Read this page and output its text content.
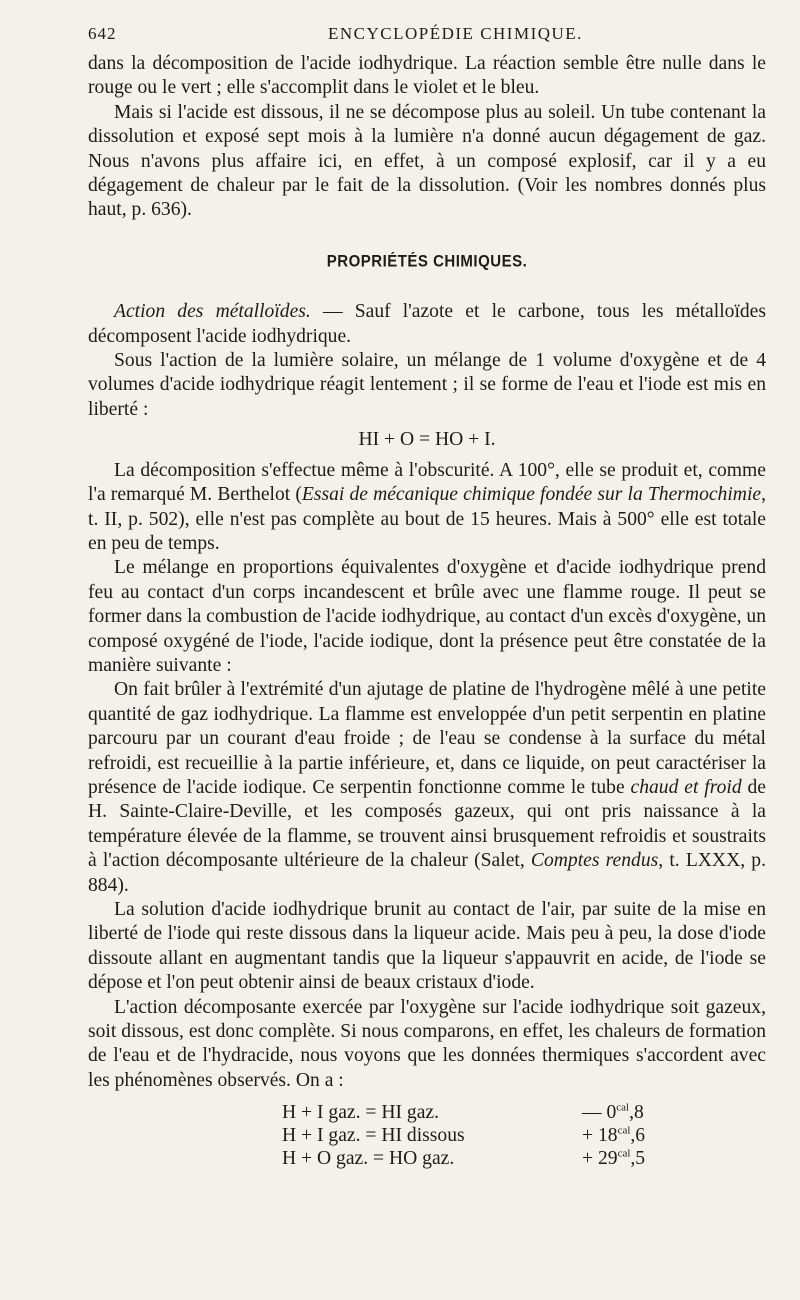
642	ENCYCLOPÉDIE CHIMIQUE.

dans la décomposition de l'acide iodhydrique. La réaction semble être nulle dans le rouge ou le vert ; elle s'accomplit dans le violet et le bleu.

Mais si l'acide est dissous, il ne se décompose plus au soleil. Un tube contenant la dissolution et exposé sept mois à la lumière n'a donné aucun dégagement de gaz. Nous n'avons plus affaire ici, en effet, à un composé explosif, car il y a eu dégagement de chaleur par le fait de la dissolution. (Voir les nombres donnés plus haut, p. 636).

PROPRIÉTÉS CHIMIQUES.

Action des métalloïdes. — Sauf l'azote et le carbone, tous les métalloïdes décomposent l'acide iodhydrique.

Sous l'action de la lumière solaire, un mélange de 1 volume d'oxygène et de 4 volumes d'acide iodhydrique réagit lentement ; il se forme de l'eau et l'iode est mis en liberté :

HI + O = HO + I.

La décomposition s'effectue même à l'obscurité. A 100°, elle se produit et, comme l'a remarqué M. Berthelot (Essai de mécanique chimique fondée sur la Thermochimie, t. II, p. 502), elle n'est pas complète au bout de 15 heures. Mais à 500° elle est totale en peu de temps.

Le mélange en proportions équivalentes d'oxygène et d'acide iodhydrique prend feu au contact d'un corps incandescent et brûle avec une flamme rouge. Il peut se former dans la combustion de l'acide iodhydrique, au contact d'un excès d'oxygène, un composé oxygéné de l'iode, l'acide iodique, dont la présence peut être constatée de la manière suivante :

On fait brûler à l'extrémité d'un ajutage de platine de l'hydrogène mêlé à une petite quantité de gaz iodhydrique. La flamme est enveloppée d'un petit serpentin en platine parcouru par un courant d'eau froide ; de l'eau se condense à la surface du métal refroidi, est recueillie à la partie inférieure, et, dans ce liquide, on peut caractériser la présence de l'acide iodique. Ce serpentin fonctionne comme le tube chaud et froid de H. Sainte-Claire-Deville, et les composés gazeux, qui ont pris naissance à la température élevée de la flamme, se trouvent ainsi brusquement refroidis et soustraits à l'action décomposante ultérieure de la chaleur (Salet, Comptes rendus, t. LXXX, p. 884).

La solution d'acide iodhydrique brunit au contact de l'air, par suite de la mise en liberté de l'iode qui reste dissous dans la liqueur acide. Mais peu à peu, la dose d'iode dissoute allant en augmentant tandis que la liqueur s'appauvrit en acide, de l'iode se dépose et l'on peut obtenir ainsi de beaux cristaux d'iode.

L'action décomposante exercée par l'oxygène sur l'acide iodhydrique soit gazeux, soit dissous, est donc complète. Si nous comparons, en effet, les chaleurs de formation de l'eau et de l'hydracide, nous voyons que les données thermiques s'accordent avec les phénomènes observés. On a :

H + I gaz. = HI gaz.	— $0^{cal},8$
H + I gaz. = HI dissous	+ $18^{cal},6$
H + O gaz. = HO gaz.	+ $29^{cal},5$
